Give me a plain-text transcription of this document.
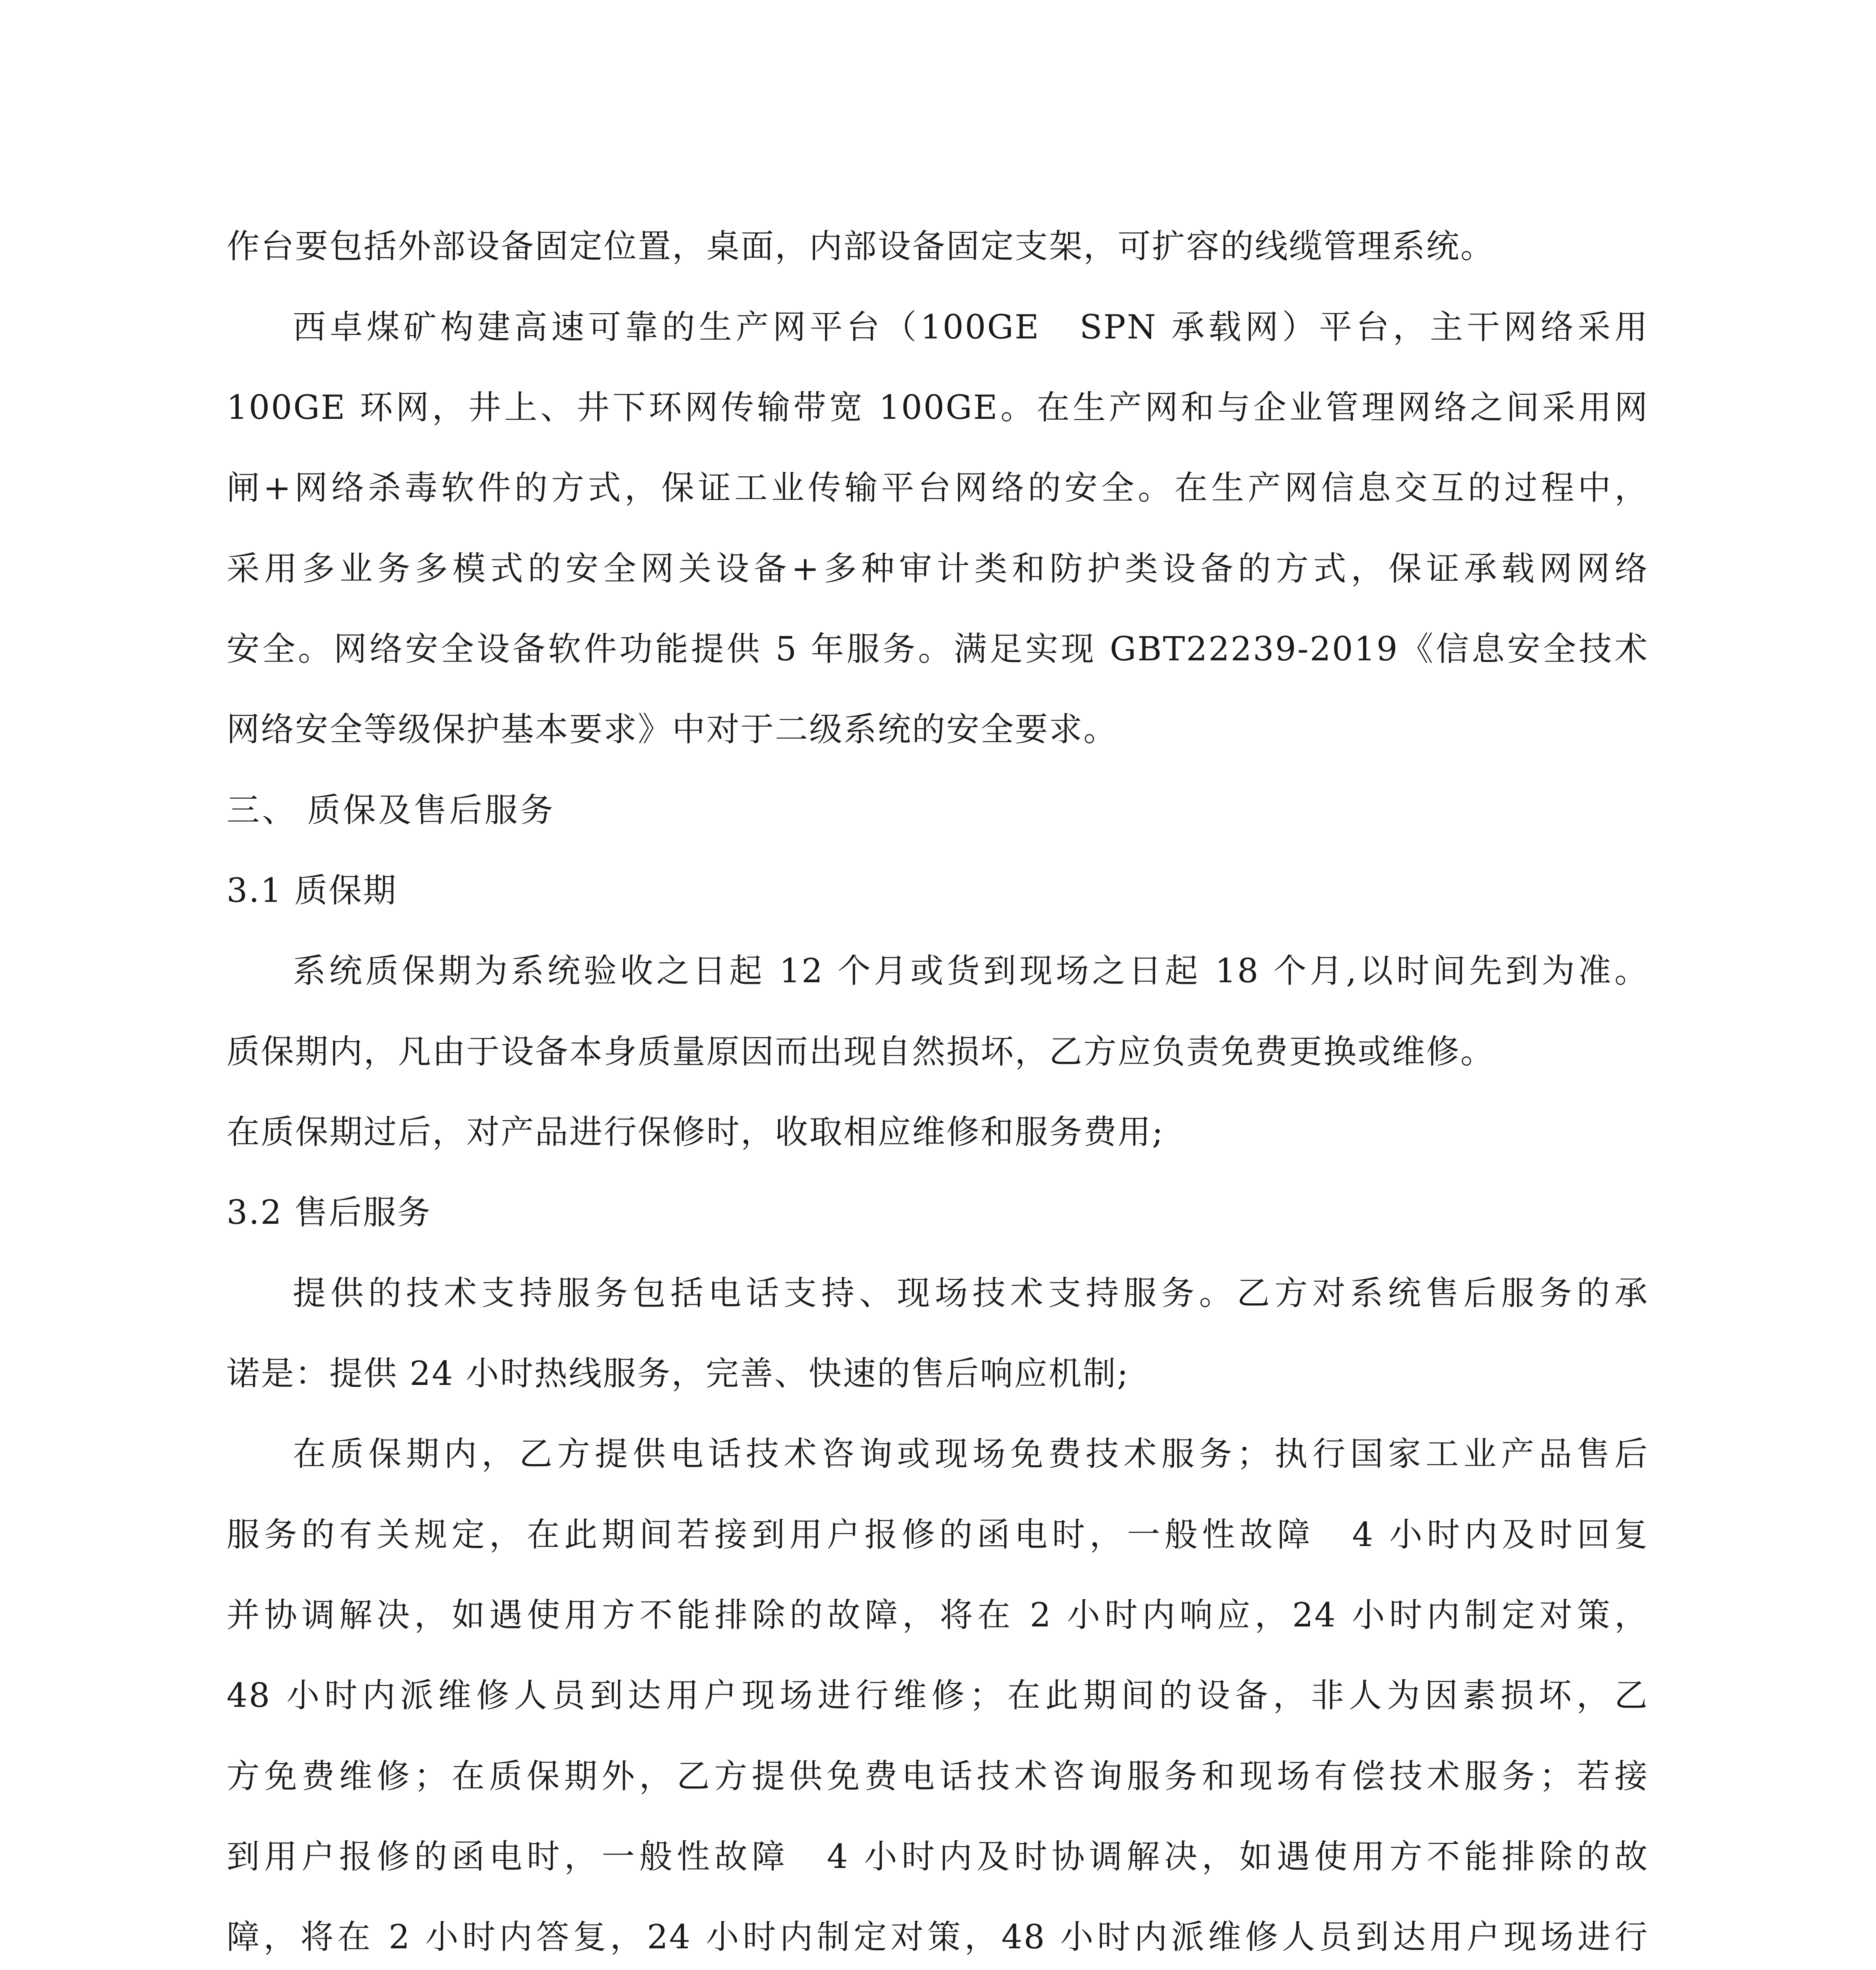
作台要包括外部设备固定位置，桌面，内部设备固定支架，可扩容的线缆管理系统。

西卓煤矿构建高速可靠的生产网平台（100GE　SPN 承载网）平台，主干网络采用

100GE 环网，井上、井下环网传输带宽 100GE。在生产网和与企业管理网络之间采用网

闸+网络杀毒软件的方式，保证工业传输平台网络的安全。在生产网信息交互的过程中，

采用多业务多模式的安全网关设备+多种审计类和防护类设备的方式，保证承载网网络

安全。网络安全设备软件功能提供 5 年服务。满足实现 GBT22239-2019《信息安全技术

网络安全等级保护基本要求》中对于二级系统的安全要求。

三、 质保及售后服务

3.1 质保期

系统质保期为系统验收之日起 12 个月或货到现场之日起 18 个月,以时间先到为准。

质保期内，凡由于设备本身质量原因而出现自然损坏，乙方应负责免费更换或维修。

在质保期过后，对产品进行保修时，收取相应维修和服务费用;

3.2 售后服务

提供的技术支持服务包括电话支持、现场技术支持服务。乙方对系统售后服务的承

诺是：提供 24 小时热线服务，完善、快速的售后响应机制;

在质保期内，乙方提供电话技术咨询或现场免费技术服务；执行国家工业产品售后

服务的有关规定，在此期间若接到用户报修的函电时，一般性故障　4 小时内及时回复

并协调解决，如遇使用方不能排除的故障，将在 2 小时内响应，24 小时内制定对策，

48 小时内派维修人员到达用户现场进行维修；在此期间的设备，非人为因素损坏，乙

方免费维修；在质保期外，乙方提供免费电话技术咨询服务和现场有偿技术服务；若接

到用户报修的函电时，一般性故障　4 小时内及时协调解决，如遇使用方不能排除的故

障，将在 2 小时内答复，24 小时内制定对策，48 小时内派维修人员到达用户现场进行
